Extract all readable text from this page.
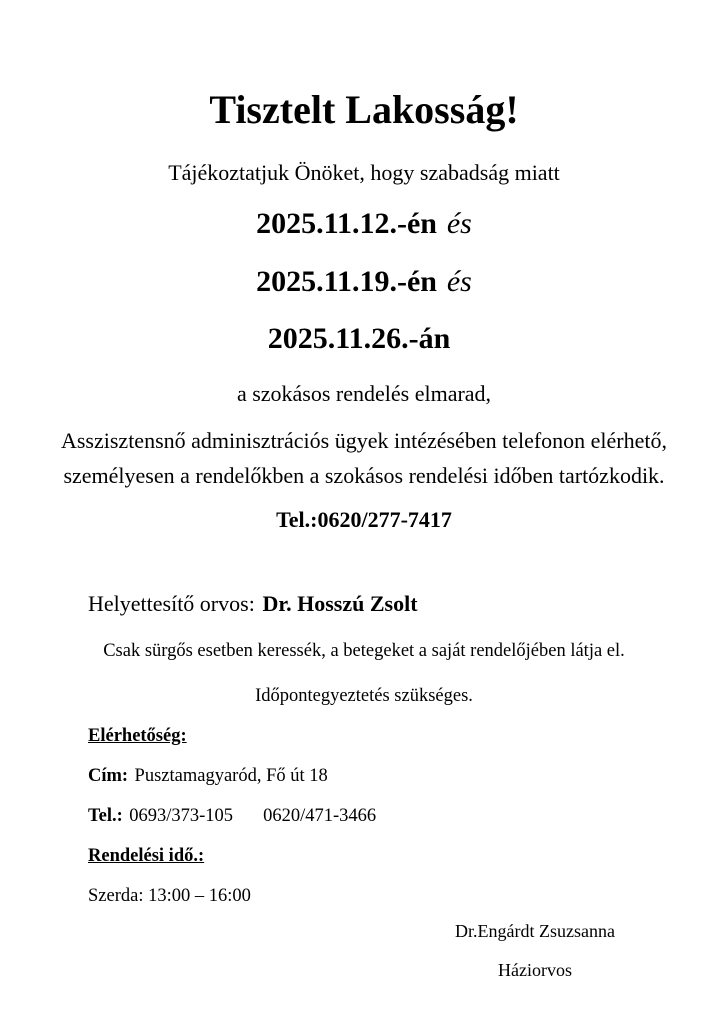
Tisztelt Lakosság!

Tájékoztatjuk Önöket, hogy szabadság miatt

2025.11.12.-én és

2025.11.19.-én és

2025.11.26.-án

a szokásos rendelés elmarad,

Asszisztensnő adminisztrációs ügyek intézésében telefonon elérhető, személyesen a rendelőkben a szokásos rendelési időben tartózkodik.

Tel.:0620/277-7417

Helyettesítő orvos: Dr. Hosszú Zsolt

Csak sürgős esetben keressék, a betegeket a saját rendelőjében látja el.

Időpontegyeztetés szükséges.

Elérhetőség:

Cím: Pusztamagyaród, Fő út 18

Tel.: 0693/373-105 0620/471-3466

Rendelési idő.:

Szerda: 13:00 – 16:00

Dr.Engárdt Zsuzsanna

Háziorvos
